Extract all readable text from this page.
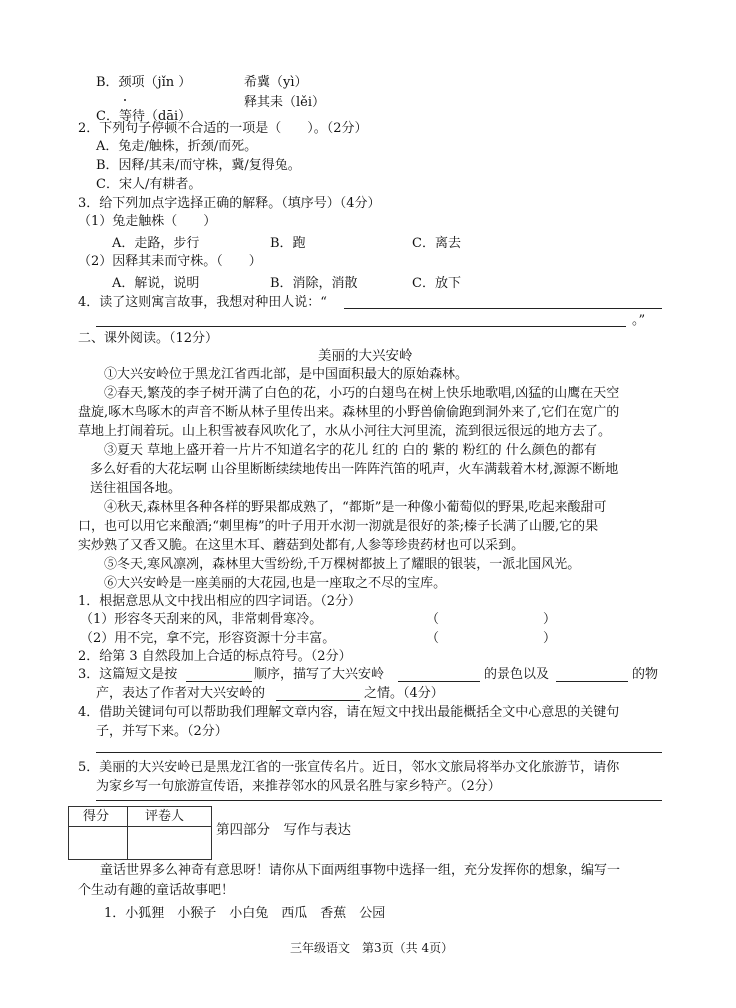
B．颈项（jǐn ）	希冀（yì）
释其耒（lěi）
C．等待（dāi）
2．下列句子停顿不合适的一项是（　　）。（2分）
A．兔走/触株，折颈/而死。
B．因释/其耒/而守株，冀/复得兔。
C．宋人/有耕者。
3．给下列加点字选择正确的解释。（填序号）（4分）
（1）兔走触株（　　）
A．走路，步行	B．跑	C．离去
（2）因释其耒而守株。（　　）
A．解说，说明	B．消除，消散	C．放下
4．读了这则寓言故事，我想对种田人说：“
。”
二、课外阅读。（12分）
美丽的大兴安岭
①大兴安岭位于黑龙江省西北部，是中国面积最大的原始森林。
②春天,繁茂的李子树开满了白色的花，小巧的白翅鸟在树上快乐地歌唱,凶猛的山鹰在天空
盘旋,啄木鸟啄木的声音不断从林子里传出来。森林里的小野兽偷偷跑到洞外来了,它们在宽广的
草地上打闹着玩。山上积雪被春风吹化了，水从小河往大河里流，流到很远很远的地方去了。
③夏天 草地上盛开着一片片不知道名字的花儿 红的 白的 紫的 粉红的 什么颜色的都有
多么好看的大花坛啊 山谷里断断续续地传出一阵阵汽笛的吼声，火车满载着木材,源源不断地
送往祖国各地。
④秋天,森林里各种各样的野果都成熟了，“都斯”是一种像小葡萄似的野果,吃起来酸甜可
口，也可以用它来酿酒;“刺里梅”的叶子用开水沏一沏就是很好的茶;榛子长满了山腰,它的果
实炒熟了又香又脆。在这里木耳、蘑菇到处都有,人参等珍贵药材也可以采到。
⑤冬天,寒风凛冽，森林里大雪纷纷,千万棵树都披上了耀眼的银装，一派北国风光。
⑥大兴安岭是一座美丽的大花园,也是一座取之不尽的宝库。
1．根据意思从文中找出相应的四字词语。（2分）
（1）形容冬天刮来的风，非常刺骨寒冷。	（　　　　　　　　）
（2）用不完，拿不完，形容资源十分丰富。	（　　　　　　　　）
2．给第 3 自然段加上合适的标点符号。（2分）
3．这篇短文是按	顺序，描写了大兴安岭	的景色以及	的物
产，表达了作者对大兴安岭的	之情。（4分）
4．借助关键词句可以帮助我们理解文章内容，请在短文中找出最能概括全文中心意思的关键句
子，并写下来。（2分）
5．美丽的大兴安岭已是黑龙江省的一张宣传名片。近日，邻水文旅局将举办文化旅游节，请你
为家乡写一句旅游宣传语，来推荐邻水的风景名胜与家乡特产。（2分）
得分	评卷人
第四部分　写作与表达
童话世界多么神奇有意思呀！请你从下面两组事物中选择一组，充分发挥你的想象，编写一
个生动有趣的童话故事吧！
1．小狐狸　小猴子　小白兔　西瓜　香蕉　公园
三年级语文　第3页（共 4页）
